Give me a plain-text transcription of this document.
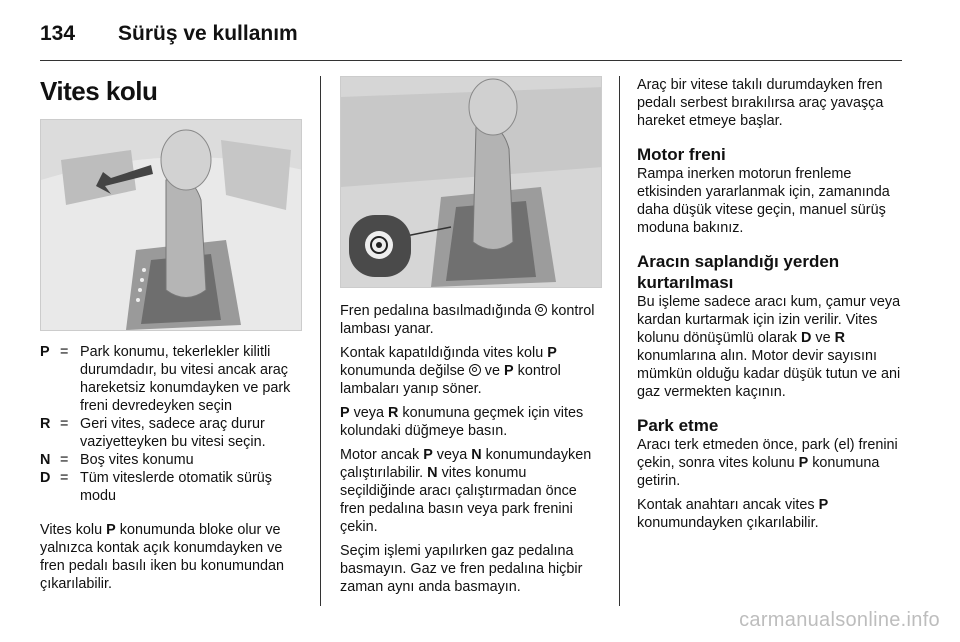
134 Sürüş ve kullanım
Vites kolu
P = Park konumu, tekerlekler kilitli durumdadır, bu vitesi ancak araç hareketsiz konumdayken ve park freni devredeyken seçin
R = Geri vites, sadece araç durur vaziyetteyken bu vitesi seçin.
N = Boş vites konumu
D = Tüm viteslerde otomatik sürüş modu

Vites kolu P konumunda bloke olur ve yalnızca kontak açık konumdayken ve fren pedalı basılı iken bu konumundan çıkarılabilir.

Fren pedalına basılmadığında  kontrol lambası yanar.

Kontak kapatıldığında vites kolu P konumunda değilse  ve P kontrol lambaları yanıp söner.

P veya R konumuna geçmek için vites kolundaki düğmeye basın.

Motor ancak P veya N konumundayken çalıştırılabilir. N vites konumu seçildiğinde aracı çalıştırmadan önce fren pedalına basın veya park frenini çekin.

Seçim işlemi yapılırken gaz pedalına basmayın. Gaz ve fren pedalına hiçbir zaman aynı anda basmayın.

Araç bir vitese takılı durumdayken fren pedalı serbest bırakılırsa araç yavaşça hareket etmeye başlar.

Motor freni

Rampa inerken motorun frenleme etkisinden yararlanmak için, zamanında daha düşük vitese geçin, manuel sürüş moduna bakınız.

Aracın saplandığı yerden kurtarılması

Bu işleme sadece aracı kum, çamur veya kardan kurtarmak için izin verilir. Vites kolunu dönüşümlü olarak D ve R konumlarına alın. Motor devir sayısını mümkün olduğu kadar düşük tutun ve ani gaz vermekten kaçının.

Park etme

Aracı terk etmeden önce, park (el) frenini çekin, sonra vites kolunu P konumuna getirin.

Kontak anahtarı ancak vites P konumundayken çıkarılabilir.

carmanualsonline.info
